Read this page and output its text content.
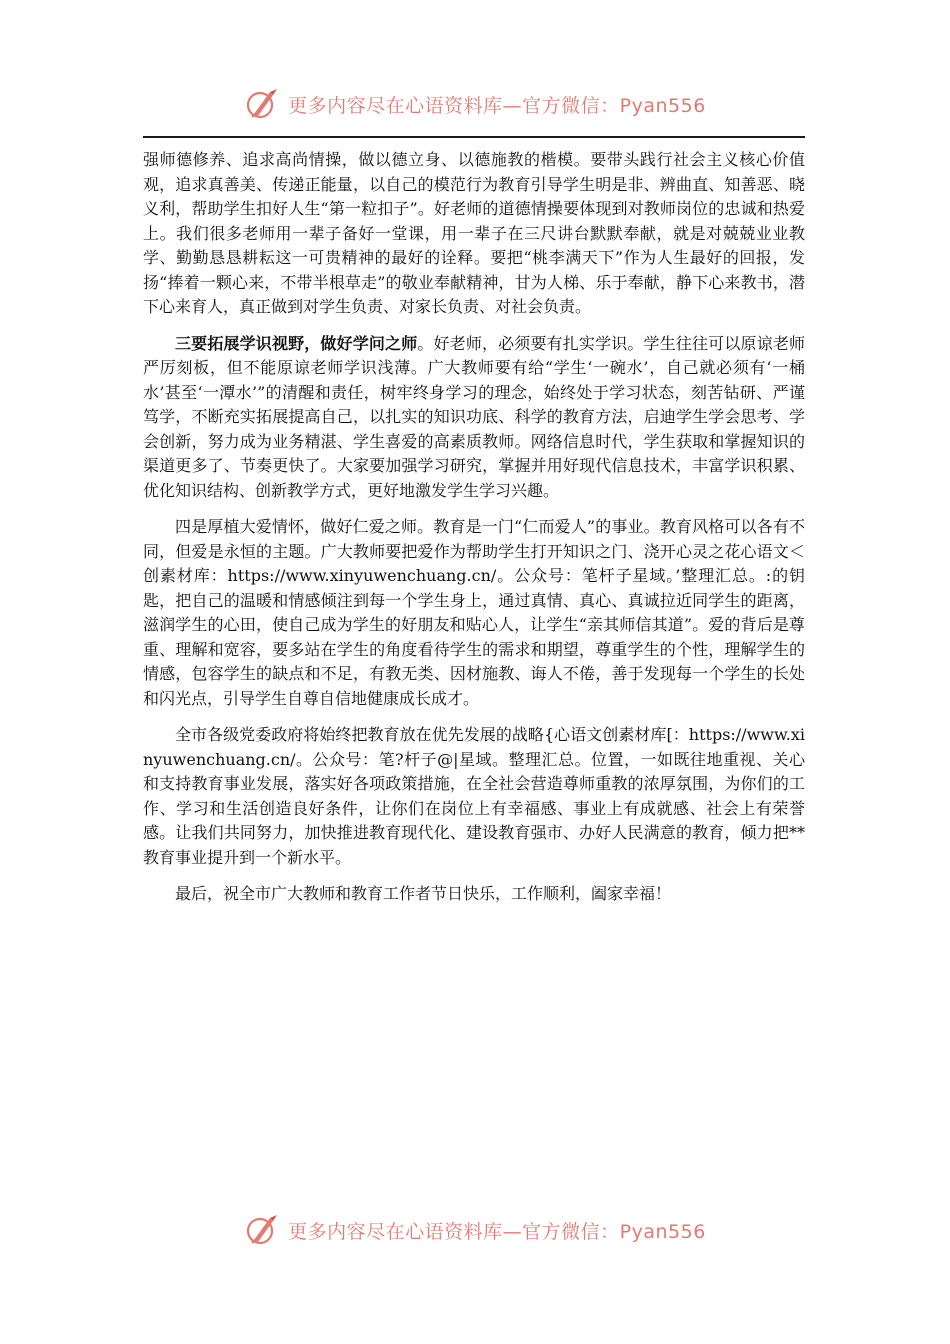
更多内容尽在心语资料库—官方微信：Pyan556

强师德修养、追求高尚情操，做以德立身、以德施教的楷模。要带头践行社会主义核心价值观，追求真善美、传递正能量，以自己的模范行为教育引导学生明是非、辨曲直、知善恶、晓义利，帮助学生扣好人生“第一粒扣子”。好老师的道德情操要体现到对教师岗位的忠诚和热爱上。我们很多老师用一辈子备好一堂课，用一辈子在三尺讲台默默奉献，就是对兢兢业业教学、勤勤恳恳耕耘这一可贵精神的最好的诠释。要把“桃李满天下”作为人生最好的回报，发扬“捧着一颗心来，不带半根草走”的敬业奉献精神，甘为人梯、乐于奉献，静下心来教书，潜下心来育人，真正做到对学生负责、对家长负责、对社会负责。

三要拓展学识视野，做好学问之师。好老师，必须要有扎实学识。学生往往可以原谅老师严厉刻板，但不能原谅老师学识浅薄。广大教师要有给“学生‘一碗水’，自己就必须有‘一桶水’甚至‘一潭水’”的清醒和责任，树牢终身学习的理念，始终处于学习状态，刻苦钻研、严谨笃学，不断充实拓展提高自己，以扎实的知识功底、科学的教育方法，启迪学生学会思考、学会创新，努力成为业务精湛、学生喜爱的高素质教师。网络信息时代，学生获取和掌握知识的渠道更多了、节奏更快了。大家要加强学习研究，掌握并用好现代信息技术，丰富学识积累、优化知识结构、创新教学方式，更好地激发学生学习兴趣。

四是厚植大爱情怀，做好仁爱之师。教育是一门“仁而爱人”的事业。教育风格可以各有不同，但爱是永恒的主题。广大教师要把爱作为帮助学生打开知识之门、浇开心灵之花心语文＜创素材库：https://www.xinyuwenchuang.cn/。公众号：笔杆子星域。’整理汇总。:的钥匙，把自己的温暖和情感倾注到每一个学生身上，通过真情、真心、真诚拉近同学生的距离，滋润学生的心田，使自己成为学生的好朋友和贴心人，让学生“亲其师信其道”。爱的背后是尊重、理解和宽容，要多站在学生的角度看待学生的需求和期望，尊重学生的个性，理解学生的情感，包容学生的缺点和不足，有教无类、因材施教、诲人不倦，善于发现每一个学生的长处和闪光点，引导学生自尊自信地健康成长成才。

全市各级党委政府将始终把教育放在优先发展的战略{心语文创素材库[：https://www.xinyuwenchuang.cn/。公众号：笔?杆子@|星域。整理汇总。位置，一如既往地重视、关心和支持教育事业发展，落实好各项政策措施，在全社会营造尊师重教的浓厚氛围，为你们的工作、学习和生活创造良好条件，让你们在岗位上有幸福感、事业上有成就感、社会上有荣誉感。让我们共同努力，加快推进教育现代化、建设教育强市、办好人民满意的教育，倾力把**教育事业提升到一个新水平。

最后，祝全市广大教师和教育工作者节日快乐，工作顺利，阖家幸福！

更多内容尽在心语资料库—官方微信：Pyan556
